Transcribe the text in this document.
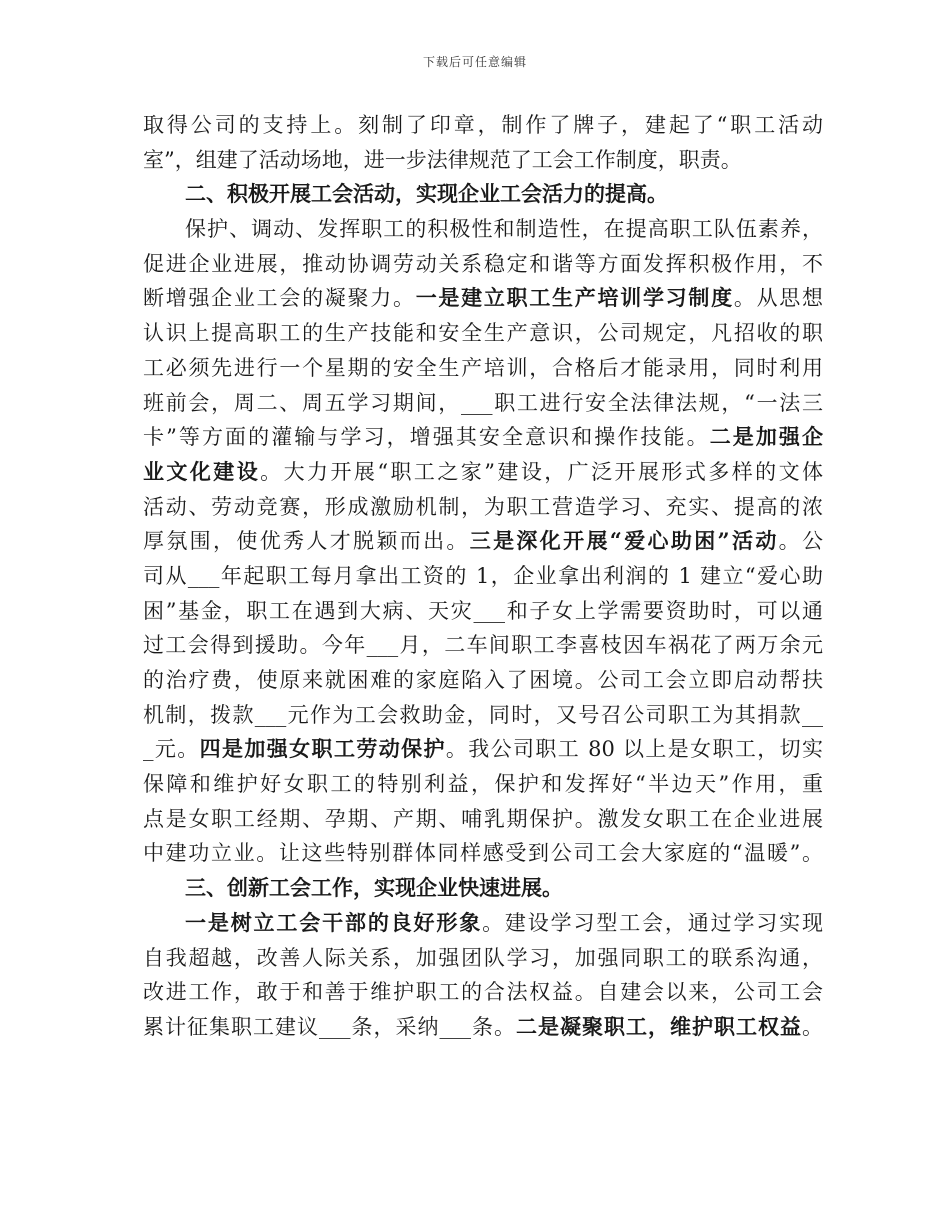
下载后可任意编辑
取得公司的支持上。刻制了印章，制作了牌子，建起了“职工活动
室”，组建了活动场地，进一步法律规范了工会工作制度，职责。
二、积极开展工会活动，实现企业工会活力的提高。
保护、调动、发挥职工的积极性和制造性，在提高职工队伍素养，
促进企业进展，推动协调劳动关系稳定和谐等方面发挥积极作用，不
断增强企业工会的凝聚力。一是建立职工生产培训学习制度。从思想
认识上提高职工的生产技能和安全生产意识，公司规定，凡招收的职
工必须先进行一个星期的安全生产培训，合格后才能录用，同时利用
班前会，周二、周五学习期间，___职工进行安全法律法规，“一法三
卡”等方面的灌输与学习，增强其安全意识和操作技能。二是加强企
业文化建设。大力开展“职工之家”建设，广泛开展形式多样的文体
活动、劳动竞赛，形成激励机制，为职工营造学习、充实、提高的浓
厚氛围，使优秀人才脱颖而出。三是深化开展“爱心助困”活动。公
司从___年起职工每月拿出工资的 1，企业拿出利润的 1 建立“爱心助
困”基金，职工在遇到大病、天灾___和子女上学需要资助时，可以通
过工会得到援助。今年___月，二车间职工李喜枝因车祸花了两万余元
的治疗费，使原来就困难的家庭陷入了困境。公司工会立即启动帮扶
机制，拨款___元作为工会救助金，同时，又号召公司职工为其捐款__
_元。四是加强女职工劳动保护。我公司职工 80 以上是女职工，切实
保障和维护好女职工的特别利益，保护和发挥好“半边天”作用，重
点是女职工经期、孕期、产期、哺乳期保护。激发女职工在企业进展
中建功立业。让这些特别群体同样感受到公司工会大家庭的“温暖”。
三、创新工会工作，实现企业快速进展。
一是树立工会干部的良好形象。建设学习型工会，通过学习实现
自我超越，改善人际关系，加强团队学习，加强同职工的联系沟通，
改进工作，敢于和善于维护职工的合法权益。自建会以来，公司工会
累计征集职工建议___条，采纳___条。二是凝聚职工，维护职工权益。
